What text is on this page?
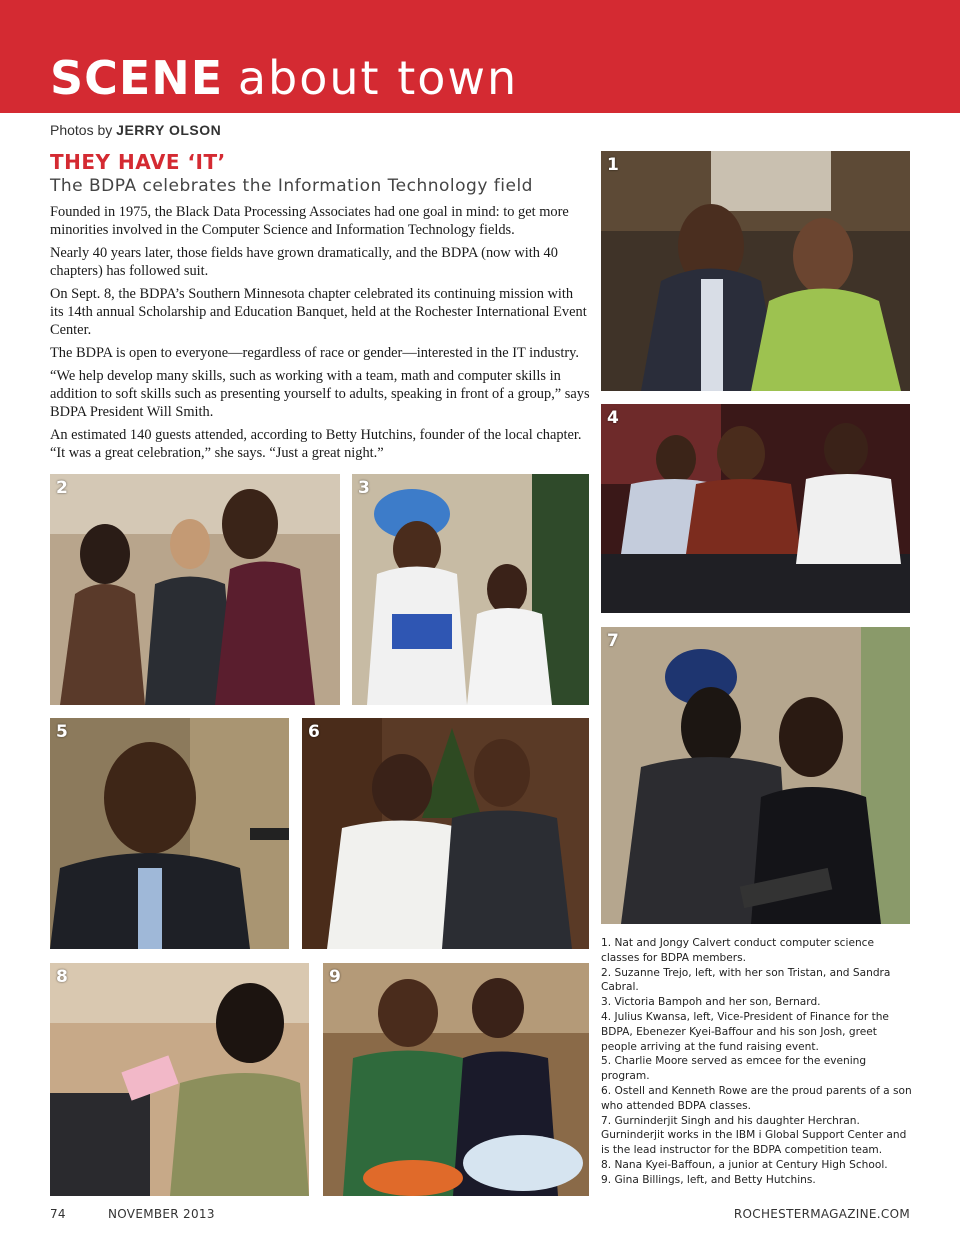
SCENE about town
Photos by JERRY OLSON
THEY HAVE ‘IT’
The BDPA celebrates the Information Technology field

Founded in 1975, the Black Data Processing Associates had one goal in mind: to get more minorities involved in the Computer Science and Information Technology fields.

Nearly 40 years later, those fields have grown dramatically, and the BDPA (now with 40 chapters) has followed suit.

On Sept. 8, the BDPA’s Southern Minnesota chapter celebrated its continuing mission with its 14th annual Scholarship and Education Banquet, held at the Rochester International Event Center.

The BDPA is open to everyone—regardless of race or gender—interested in the IT industry.

“We help develop many skills, such as working with a team, math and computer skills in addition to soft skills such as presenting yourself to adults, speaking in front of a group,” says BDPA President Will Smith.

An estimated 140 guests attended, according to Betty Hutchins, founder of the local chapter. “It was a great celebration,” she says. “Just a great night.”

1
2	3
4
5	6
7
8	9
1. Nat and Jongy Calvert conduct computer science classes for BDPA members.
2. Suzanne Trejo, left, with her son Tristan, and Sandra Cabral.
3. Victoria Bampoh and her son, Bernard.
4. Julius Kwansa, left, Vice-President of Finance for the BDPA, Ebenezer Kyei-Baffour and his son Josh, greet people arriving at the fund raising event.
5. Charlie Moore served as emcee for the evening program.
6. Ostell and Kenneth Rowe are the proud parents of a son who attended BDPA classes.
7. Gurninderjit Singh and his daughter Herchran. Gurninderjit works in the IBM i Global Support Center and is the lead instructor for the BDPA competition team.
8. Nana Kyei-Baffoun, a junior at Century High School.
9. Gina Billings, left, and Betty Hutchins.
74	NOVEMBER 2013	ROCHESTERMAGAZINE.COM
